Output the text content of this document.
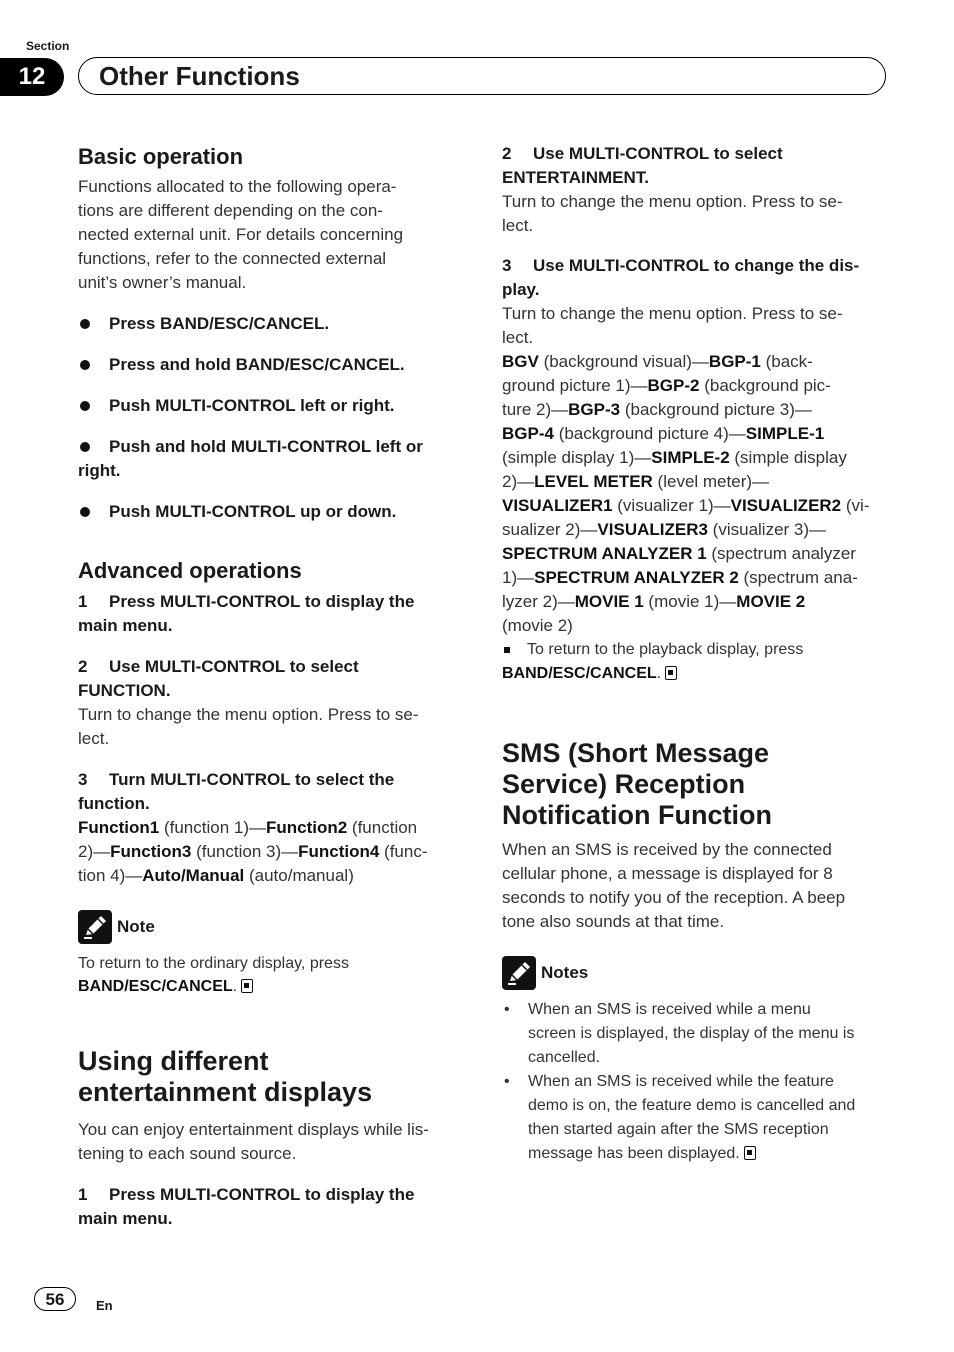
Section
12	Other Functions
Basic operation
Functions allocated to the following opera-
tions are different depending on the con-
nected external unit. For details concerning
functions, refer to the connected external
unit’s owner’s manual.
Press BAND/ESC/CANCEL.
Press and hold BAND/ESC/CANCEL.
Push MULTI-CONTROL left or right.
Push and hold MULTI-CONTROL left or
right.
Push MULTI-CONTROL up or down.
Advanced operations
1 Press MULTI-CONTROL to display the
main menu.
2 Use MULTI-CONTROL to select
FUNCTION.
Turn to change the menu option. Press to se-
lect.
3 Turn MULTI-CONTROL to select the
function.
Function1 (function 1)—Function2 (function
2)—Function3 (function 3)—Function4 (func-
tion 4)—Auto/Manual (auto/manual)
Note
To return to the ordinary display, press
BAND/ESC/CANCEL.
Using different
entertainment displays
You can enjoy entertainment displays while lis-
tening to each sound source.
1 Press MULTI-CONTROL to display the
main menu.
2 Use MULTI-CONTROL to select
ENTERTAINMENT.
Turn to change the menu option. Press to se-
lect.
3 Use MULTI-CONTROL to change the dis-
play.
Turn to change the menu option. Press to se-
lect.
BGV (background visual)—BGP-1 (back-
ground picture 1)—BGP-2 (background pic-
ture 2)—BGP-3 (background picture 3)—
BGP-4 (background picture 4)—SIMPLE-1
(simple display 1)—SIMPLE-2 (simple display
2)—LEVEL METER (level meter)—
VISUALIZER1 (visualizer 1)—VISUALIZER2 (vi-
sualizer 2)—VISUALIZER3 (visualizer 3)—
SPECTRUM ANALYZER 1 (spectrum analyzer
1)—SPECTRUM ANALYZER 2 (spectrum ana-
lyzer 2)—MOVIE 1 (movie 1)—MOVIE 2
(movie 2)
To return to the playback display, press
BAND/ESC/CANCEL.
SMS (Short Message
Service) Reception
Notification Function
When an SMS is received by the connected
cellular phone, a message is displayed for 8
seconds to notify you of the reception. A beep
tone also sounds at that time.
Notes
• When an SMS is received while a menu
screen is displayed, the display of the menu is
cancelled.
• When an SMS is received while the feature
demo is on, the feature demo is cancelled and
then started again after the SMS reception
message has been displayed.
56	En
